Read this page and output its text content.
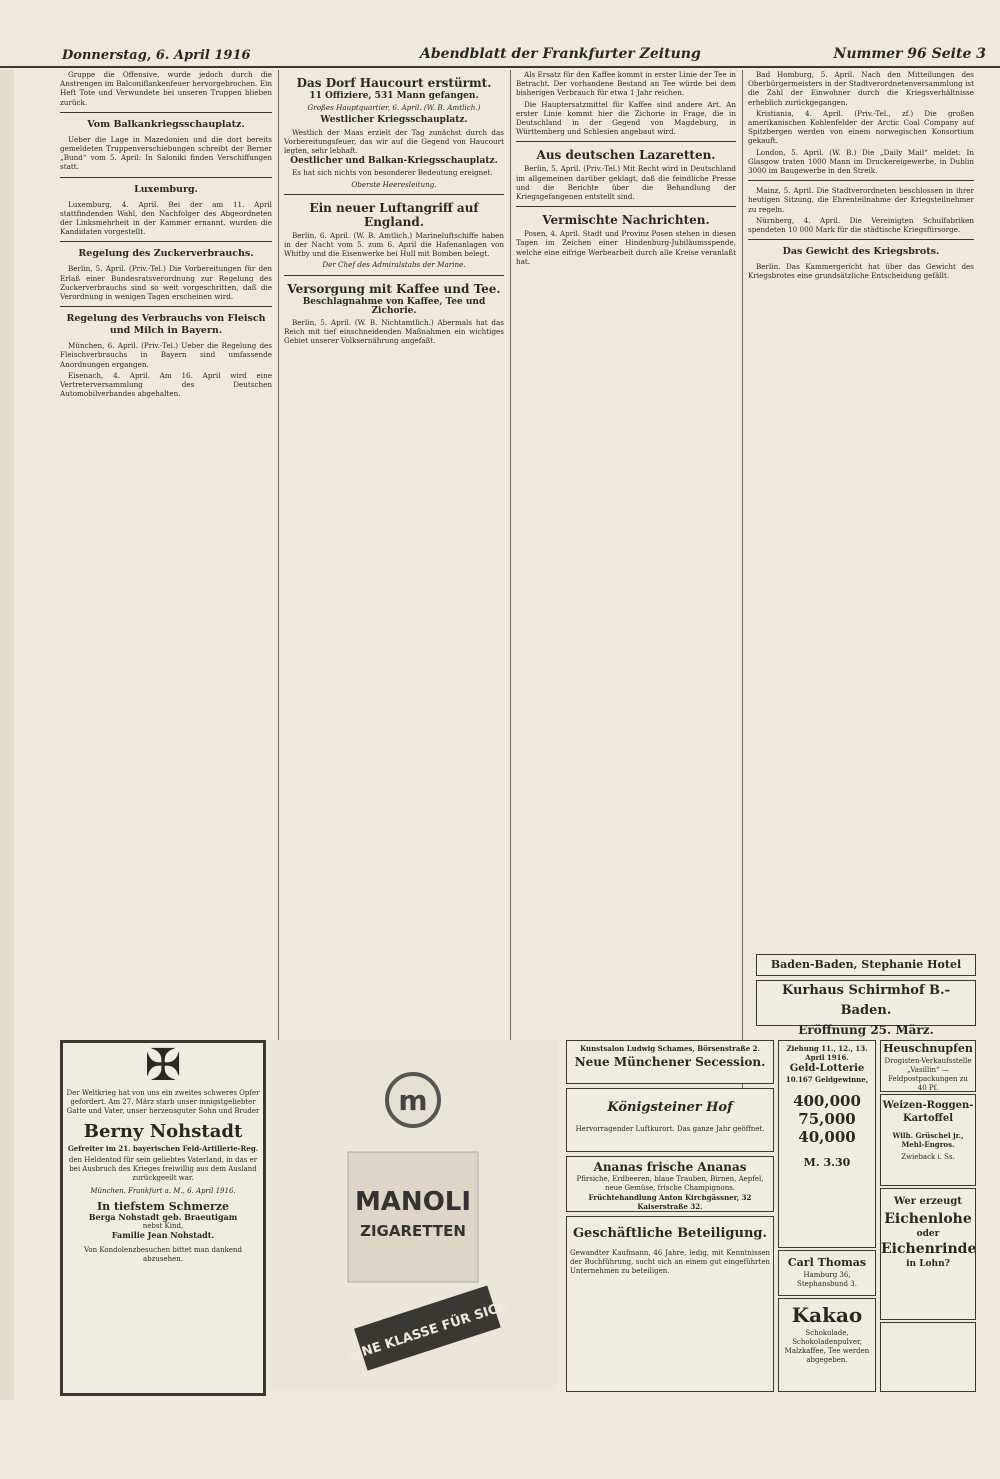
Donnerstag, 6. April 1916	Abendblatt der Frankfurter Zeitung	Nummer 96 Seite 3

Gruppe die Offensive, wurde jedoch durch die Anstrengen im Balconiflankenfeuer hervorgebrochen. Ein Heft Tote und Verwundete bei unseren Truppen blieben zurück.

Vom Balkankriegsschauplatz.

Ueber die Lage in Mazedonien und die dort bereits gemeldeten Truppenverschiebungen schreibt der Berner „Bund“ vom 5. April: In Saloniki finden Verschiffungen statt.

Luxemburg.

Luxemburg, 4. April. Bei der am 11. April stattfindenden Wahl, den Nachfolger des Abgeordneten der Linksmehrheit in der Kammer ernannt, wurden die Kandidaten vorgestellt.

Regelung des Zuckerverbrauchs.

Berlin, 5. April. (Priv.-Tel.) Die Vorbereitungen für den Erlaß einer Bundesratsverordnung zur Regelung des Zuckerverbrauchs sind so weit vorgeschritten, daß die Verordnung in wenigen Tagen erscheinen wird.

Regelung des Verbrauchs von Fleisch und Milch in Bayern.

München, 6. April. (Priv.-Tel.) Ueber die Regelung des Fleischverbrauchs in Bayern sind umfassende Anordnungen ergangen.

Eisenach, 4. April. Am 16. April wird eine Vertreterversammlung des Deutschen Automobilverbandes abgehalten.

Das Dorf Haucourt erstürmt.
11 Offiziere, 531 Mann gefangen.
Großes Hauptquartier, 6. April. (W. B. Amtlich.)
Westlicher Kriegsschauplatz.

Westlich der Maas erzielt der Tag zunächst durch das Vorbereitungsfeuer, das wir auf die Gegend von Haucourt legten, sehr lebhaft.

Oestlicher und Balkan-Kriegsschauplatz.

Es hat sich nichts von besonderer Bedeutung ereignet.

Oberste Heeresleitung.
Ein neuer Luftangriff auf England.

Berlin, 6. April. (W. B. Amtlich.) Marineluftschiffe haben in der Nacht vom 5. zum 6. April die Hafenanlagen von Whitby und die Eisenwerke bei Hull mit Bomben belegt.

Der Chef des Admiralstabs der Marine.
Versorgung mit Kaffee und Tee.
Beschlagnahme von Kaffee, Tee und Zichorie.

Berlin, 5. April. (W. B. Nichtamtlich.) Abermals hat das Reich mit tief einschneidenden Maßnahmen ein wichtiges Gebiet unserer Volksernährung angefaßt.

Als Ersatz für den Kaffee kommt in erster Linie der Tee in Betracht. Der vorhandene Bestand an Tee würde bei dem bisherigen Verbrauch für etwa 1 Jahr reichen.

Die Hauptersatzmittel für Kaffee sind andere Art. An erster Linie kommt hier die Zichorie in Frage, die in Deutschland in der Gegend von Magdeburg, in Württemberg und Schlesien angebaut wird.

Aus deutschen Lazaretten.

Berlin, 5. April. (Priv.-Tel.) Mit Recht wird in Deutschland im allgemeinen darüber geklagt, daß die feindliche Presse und die Berichte über die Behandlung der Kriegsgefangenen entstellt sind.

Vermischte Nachrichten.

Posen, 4. April. Stadt und Provinz Posen stehen in diesen Tagen im Zeichen einer Hindenburg-Jubiläumsspende, welche eine eifrige Werbearbeit durch alle Kreise veranlaßt hat.

Bad Homburg, 5. April. Nach den Mitteilungen des Oberbürgermeisters in der Stadtverordnetenversammlung ist die Zahl der Einwohner durch die Kriegsverhältnisse erheblich zurückgegangen.

Kristiania, 4. April. (Priv.-Tel., zf.) Die großen amerikanischen Kohlenfelder der Arctic Coal Company auf Spitzbergen werden von einem norwegischen Konsortium gekauft.

London, 5. April. (W. B.) Die „Daily Mail“ meldet: In Glasgow traten 1000 Mann im Druckereigewerbe, in Dublin 3000 im Baugewerbe in den Streik.

Mainz, 5. April. Die Stadtverordneten beschlossen in ihrer heutigen Sitzung, die Ehrenteilnahme der Kriegsteilnehmer zu regeln.

Nürnberg, 4. April. Die Vereinigten Schulfabriken spendeten 10 000 Mark für die städtische Kriegsfürsorge.

Das Gewicht des Kriegsbrots.

Berlin. Das Kammergericht hat über das Gewicht des Kriegsbrotes eine grundsätzliche Entscheidung gefällt.

Baden-Baden, Stephanie Hotel
Kurhaus Schirmhof B.-Baden.
Eröffnung 25. März.
✠
Der Weltkrieg hat von uns ein zweites schweres Opfer gefordert. Am 27. März starb unser innigstgeliebter Gatte und Vater, unser herzensguter Sohn und Bruder
Berny Nohstadt
Gefreiter im 21. bayerischen Feld-Artillerie-Reg.
den Heldentod für sein geliebtes Vaterland, in das er bei Ausbruch des Krieges freiwillig aus dem Ausland zurückgeeilt war.
München, Frankfurt a. M., 6. April 1916.
In tiefstem Schmerze
Berga Nohstadt geb. Braeutigam
nebst Kind,
Familie Jean Nohstadt.
Von Kondolenzbesuchen bittet man dankend abzusehen.
m
MANOLI
ZIGARETTEN
EINE KLASSE FÜR SICH
Kunstsalon Ludwig Schames, Börsenstraße 2.
Neue Münchener Secession.
Königsteiner Hof
Hervorragender Luftkurort. Das ganze Jahr geöffnet.
Ananas frische Ananas
Pfirsiche, Erdbeeren, blaue Trauben, Birnen, Aepfel, neue Gemüse, frische Champignons.
Früchtehandlung Anton Kirchgässner, 32 Kaiserstraße 32.
Geschäftliche Beteiligung.
Gewandter Kaufmann, 46 Jahre, ledig, mit Kenntnissen der Buchführung, sucht sich an einem gut eingeführten Unternehmen zu beteiligen.
Ziehung 11., 12., 13. April 1916.
Geld-Lotterie
10.167 Geldgewinne,
400,000
75,000
40,000
M. 3.30
Carl Thomas
Hamburg 36, Stephansbund 3.
Kakao
Schokolade, Schokoladenpulver, Malzkaffee, Tee werden abgegeben.
Heuschnupfen
Drogisten-Verkaufsstelle „Vasillin“ — Feldpostpackungen zu 40 Pf.
Weizen-Roggen-Kartoffel
Wilh. Grüschel jr., Mehl-Engros.
Zwieback i. Ss.
Wer erzeugt
Eichenlohe
oder
Eichenrinde
in Lohn?
